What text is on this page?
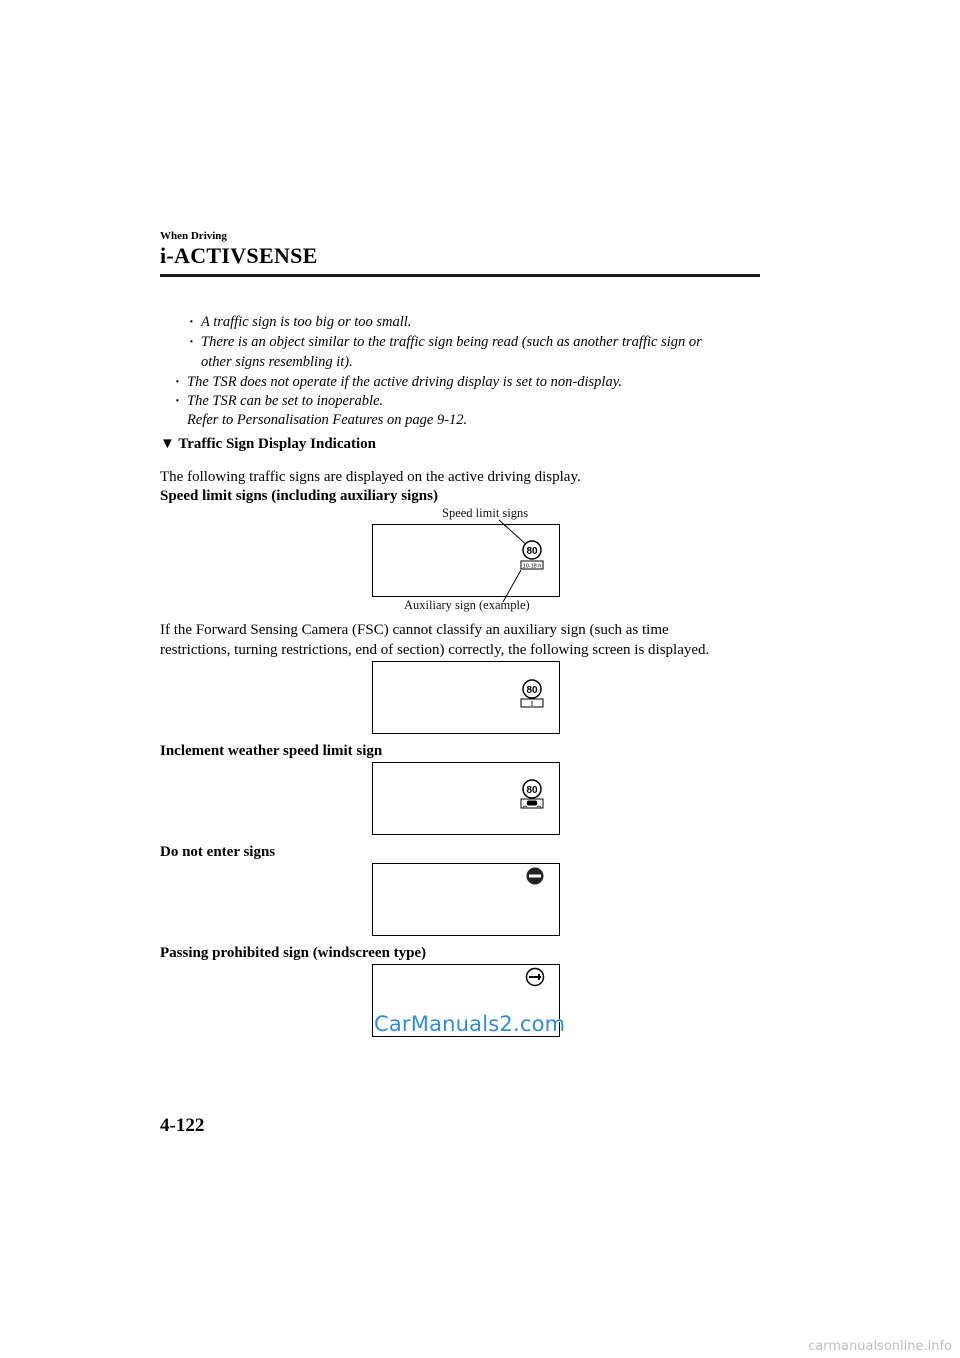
When Driving
i-ACTIVSENSE
· A traffic sign is too big or too small.
· There is an object similar to the traffic sign being read (such as another traffic sign or
other signs resembling it).
· The TSR does not operate if the active driving display is set to non-display.
· The TSR can be set to inoperable.
Refer to Personalisation Features on page 9-12.
▼ Traffic Sign Display Indication
The following traffic signs are displayed on the active driving display.
Speed limit signs (including auxiliary signs)
Speed limit signs
80
10-18 h
Auxiliary sign (example)
If the Forward Sensing Camera (FSC) cannot classify an auxiliary sign (such as time
restrictions, turning restrictions, end of section) correctly, the following screen is displayed.
80
!
Inclement weather speed limit sign
80
Do not enter signs
Passing prohibited sign (windscreen type)
CarManuals2.com
4-122
carmanualsonline.info
